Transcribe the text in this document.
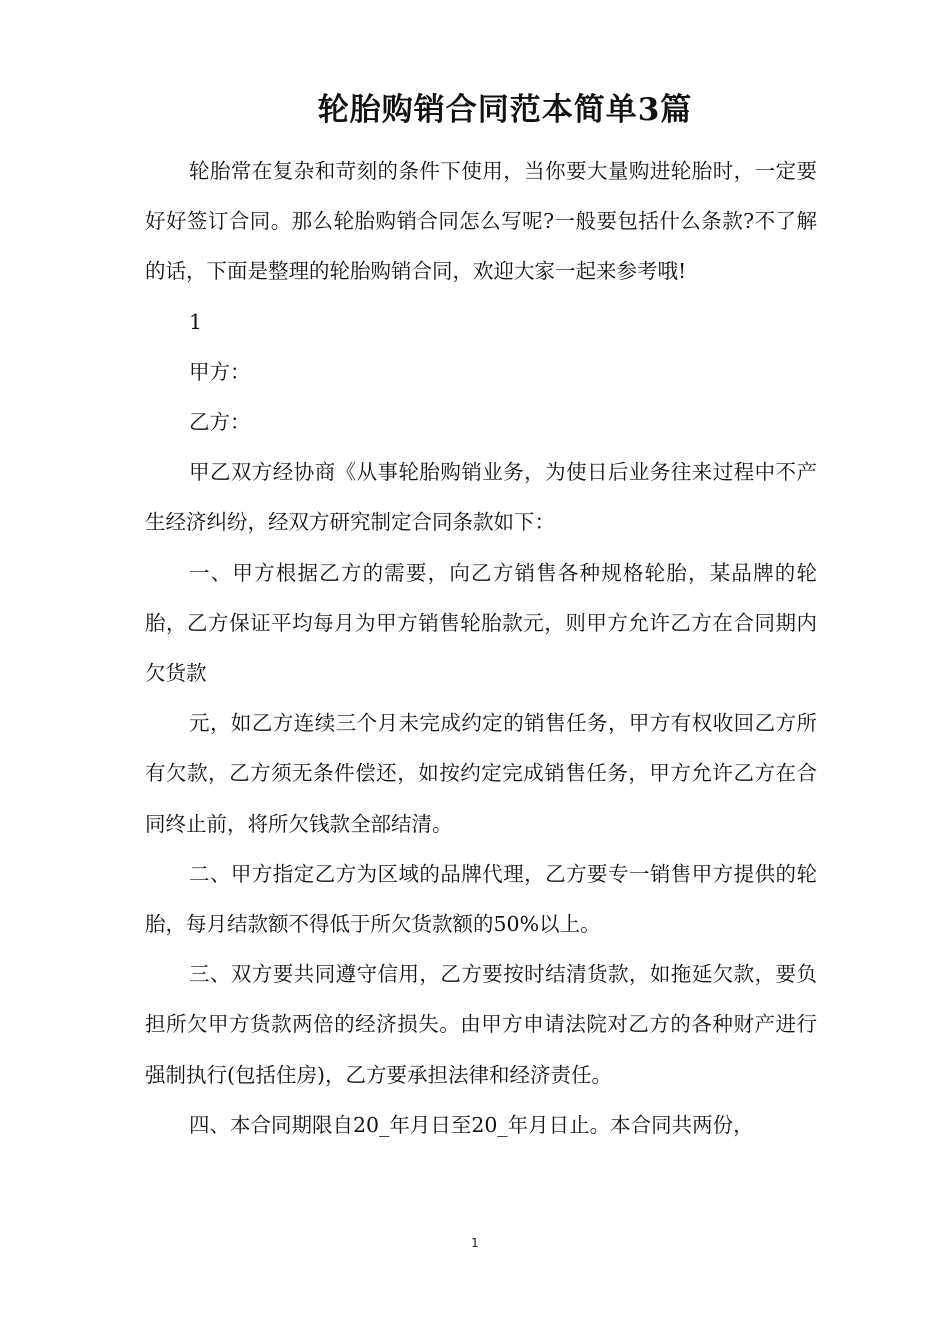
轮胎购销合同范本简单3篇

轮胎常在复杂和苛刻的条件下使用，当你要大量购进轮胎时，一定要好好签订合同。那么轮胎购销合同怎么写呢?一般要包括什么条款?不了解的话，下面是整理的轮胎购销合同，欢迎大家一起来参考哦!

1

甲方：

乙方：

甲乙双方经协商《从事轮胎购销业务，为使日后业务往来过程中不产生经济纠纷，经双方研究制定合同条款如下：

一、甲方根据乙方的需要，向乙方销售各种规格轮胎，某品牌的轮胎，乙方保证平均每月为甲方销售轮胎款元，则甲方允许乙方在合同期内欠货款

元，如乙方连续三个月未完成约定的销售任务，甲方有权收回乙方所有欠款，乙方须无条件偿还，如按约定完成销售任务，甲方允许乙方在合同终止前，将所欠钱款全部结清。

二、甲方指定乙方为区域的品牌代理，乙方要专一销售甲方提供的轮胎，每月结款额不得低于所欠货款额的50%以上。

三、双方要共同遵守信用，乙方要按时结清货款，如拖延欠款，要负担所欠甲方货款两倍的经济损失。由甲方申请法院对乙方的各种财产进行强制执行(包括住房)，乙方要承担法律和经济责任。

四、本合同期限自20_年月日至20_年月日止。本合同共两份，

1
